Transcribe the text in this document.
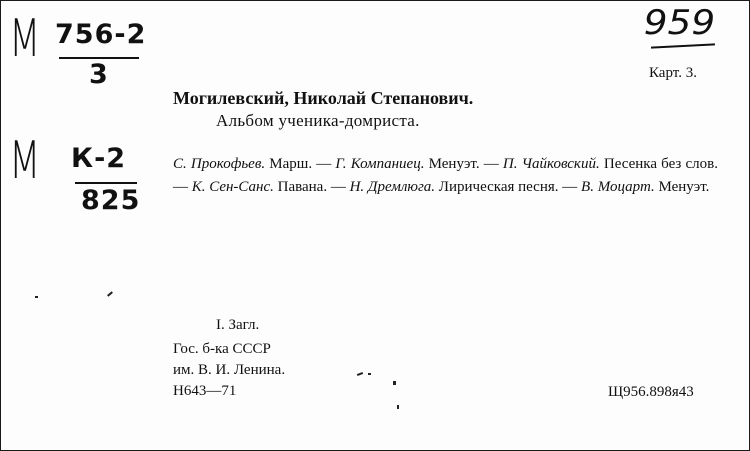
М 756-2
3
М К-2
825
959
Карт. 3.
Могилевский, Николай Степанович.
Альбом ученика-домриста.
С. Прокофьев. Марш. — Г. Компаниец. Менуэт. — П. Чайковский. Песенка без слов. — К. Сен-Санс. Павана. — Н. Дремлюга. Лирическая песня. — В. Моцарт. Менуэт.
I. Загл.
Гос. б-ка СССР
им. В. И. Ленина.
Н643—71	Щ956.898я43
